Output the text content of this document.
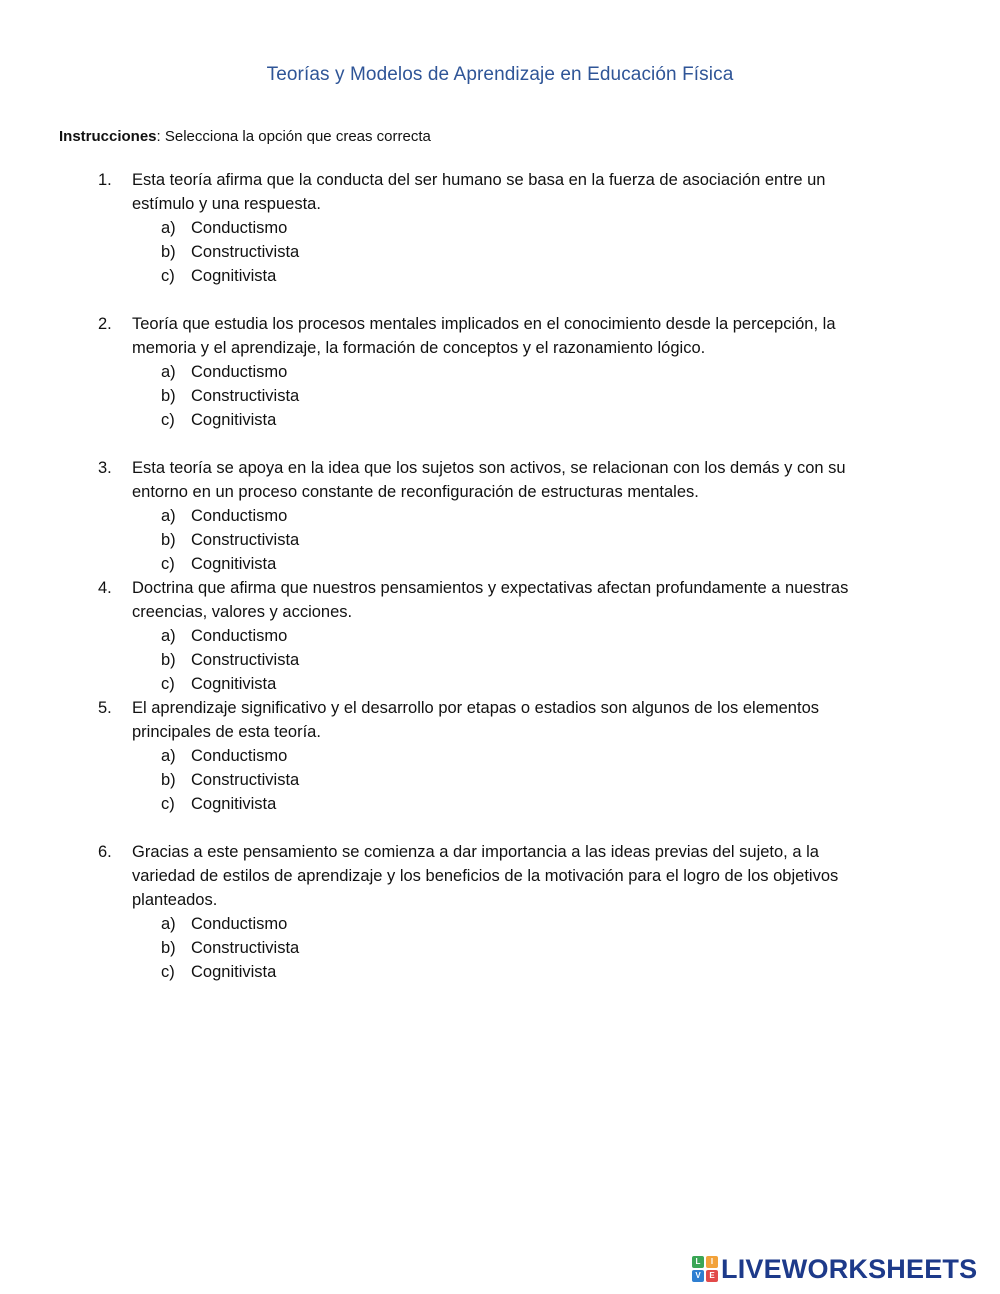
Teorías y Modelos de Aprendizaje en Educación Física
Instrucciones: Selecciona la opción que creas correcta
1. Esta teoría afirma que la conducta del ser humano se basa en la fuerza de asociación entre un
estímulo y una respuesta.
a) Conductismo
b) Constructivista
c) Cognitivista
2. Teoría que estudia los procesos mentales implicados en el conocimiento desde la percepción, la
memoria y el aprendizaje, la formación de conceptos y el razonamiento lógico.
a) Conductismo
b) Constructivista
c) Cognitivista
3. Esta teoría se apoya en la idea que los sujetos son activos, se relacionan con los demás y con su
entorno en un proceso constante de reconfiguración de estructuras mentales.
a) Conductismo
b) Constructivista
c) Cognitivista
4. Doctrina que afirma que nuestros pensamientos y expectativas afectan profundamente a nuestras
creencias, valores y acciones.
a) Conductismo
b) Constructivista
c) Cognitivista
5. El aprendizaje significativo y el desarrollo por etapas o estadios son algunos de los elementos
principales de esta teoría.
a) Conductismo
b) Constructivista
c) Cognitivista
6. Gracias a este pensamiento se comienza a dar importancia a las ideas previas del sujeto, a la
variedad de estilos de aprendizaje y los beneficios de la motivación para el logro de los objetivos
planteados.
a) Conductismo
b) Constructivista
c) Cognitivista
L	I
V	E LIVEWORKSHEETS
